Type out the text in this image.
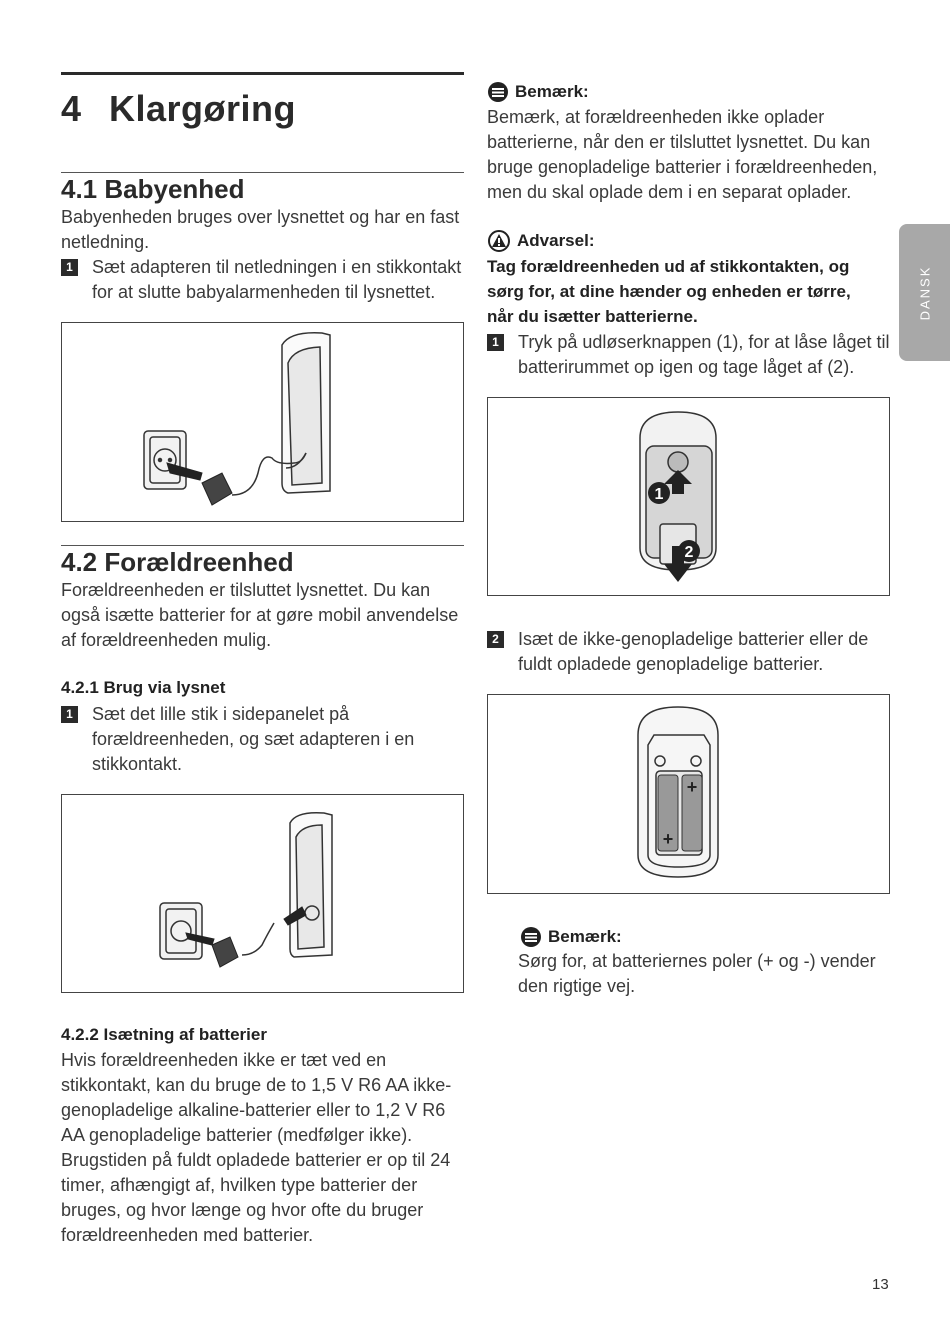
4 Klargøring
4.1 Babyenhed
Babyenheden bruges over lysnettet og har en fast netledning.
1 Sæt adapteren til netledningen i en stikkontakt for at slutte babyalarmenheden til lysnettet.
4.2 Forældreenhed
Forældreenheden er tilsluttet lysnettet. Du kan også isætte batterier for at gøre mobil anvendelse af forældreenheden mulig.
4.2.1 Brug via lysnet
1 Sæt det lille stik i sidepanelet på forældreenheden, og sæt adapteren i en stikkontakt.
4.2.2 Isætning af batterier
Hvis forældreenheden ikke er tæt ved en stikkontakt, kan du bruge de to 1,5 V R6 AA ikke-genopladelige alkaline-batterier eller to 1,2 V R6 AA genopladelige batterier (medfølger ikke). Brugstiden på fuldt opladede batterier er op til 24 timer, afhængigt af, hvilken type batterier der bruges, og hvor længe og hvor ofte du bruger forældreenheden med batterier.
Bemærk:
Bemærk, at forældreenheden ikke oplader batterierne, når den er tilsluttet lysnettet. Du kan bruge genopladelige batterier i forældreenheden, men du skal oplade dem i en separat oplader.
Advarsel:
Tag forældreenheden ud af stikkontakten, og sørg for, at dine hænder og enheden er tørre, når du isætter batterierne.
1 Tryk på udløserknappen (1), for at låse låget til batterirummet op igen og tage låget af (2).
1
2
2 Isæt de ikke-genopladelige batterier eller de fuldt opladede genopladelige batterier.
+
+
Bemærk:
Sørg for, at batteriernes poler (+ og -) vender den rigtige vej.
DANSK
13
